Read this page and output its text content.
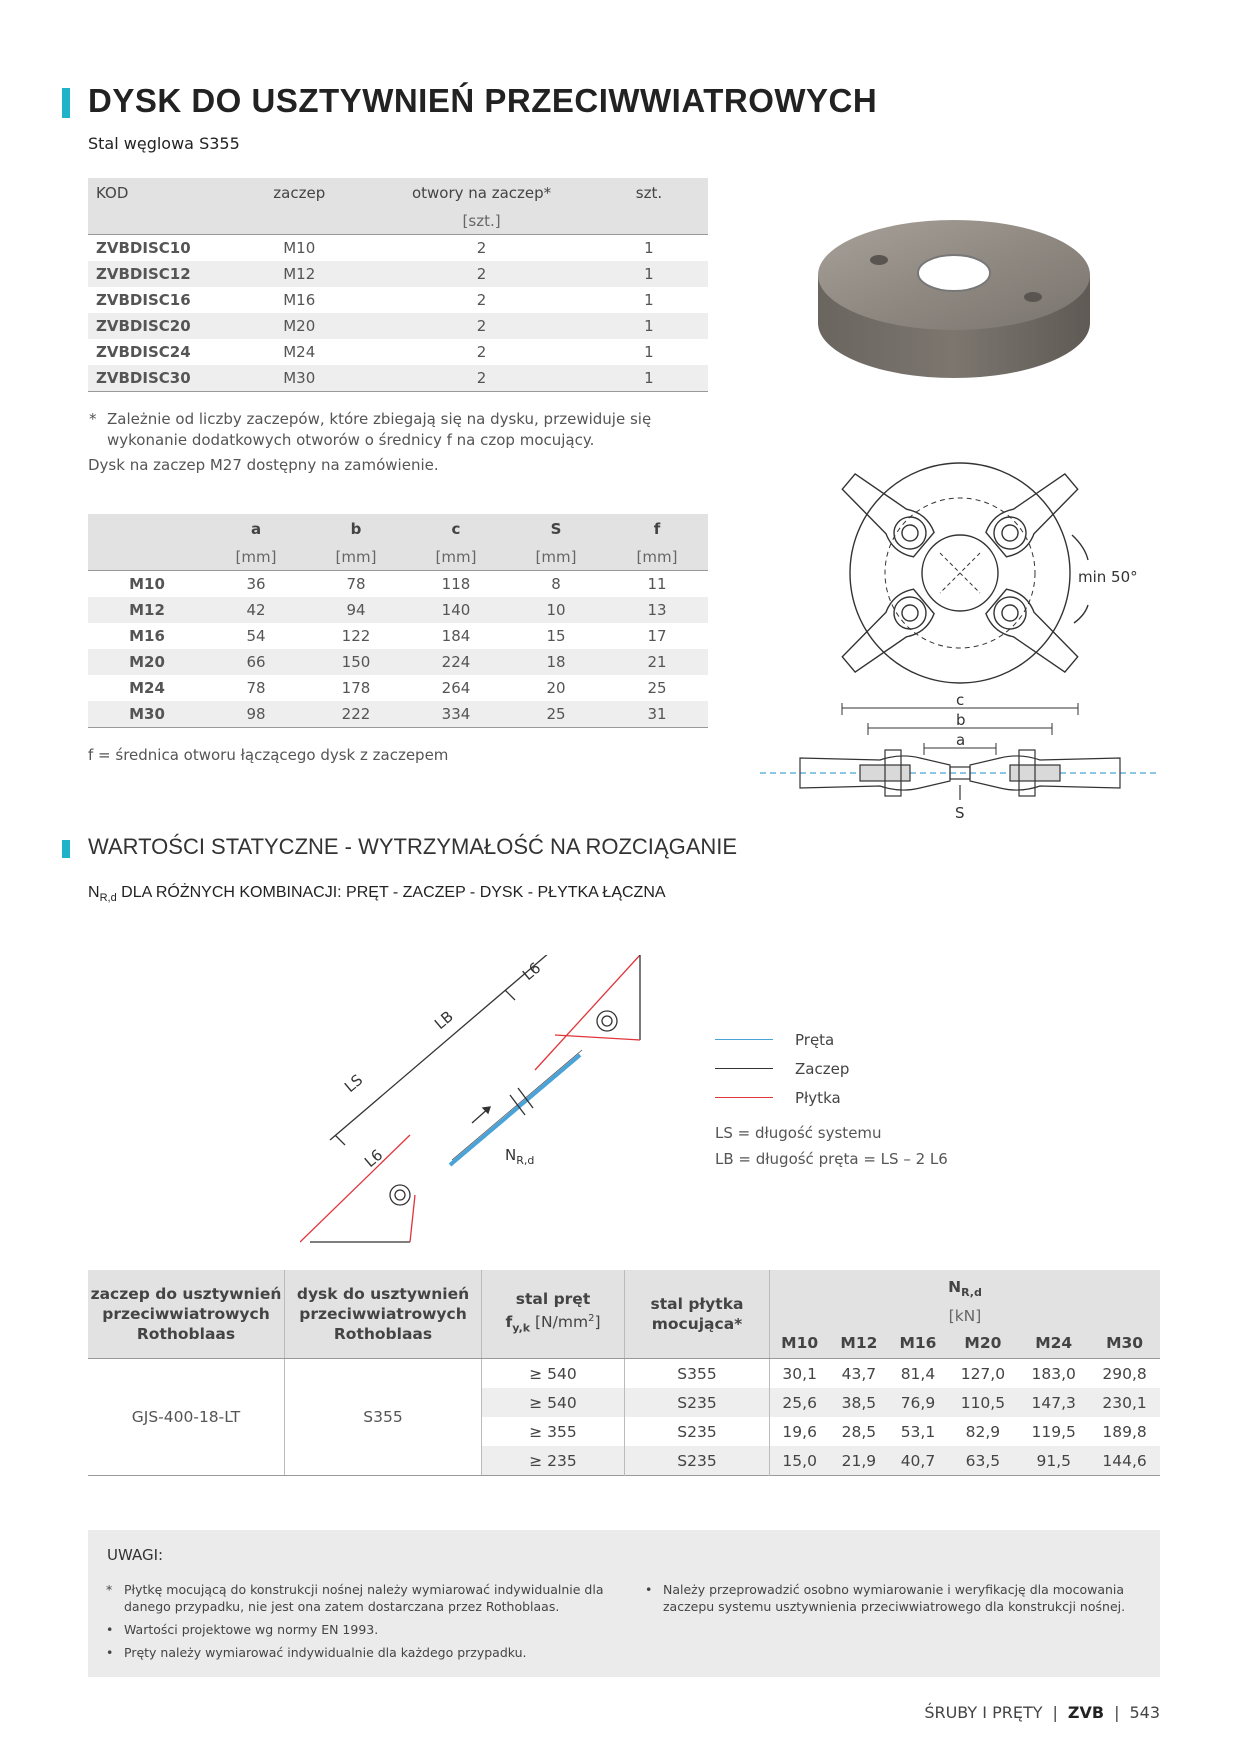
DYSK DO USZTYWNIEŃ PRZECIWWIATROWYCH
Stal węglowa S355
KOD	zaczep	otwory na zaczep*	szt.
		[szt.]	
ZVBDISC10	M10	2	1
ZVBDISC12	M12	2	1
ZVBDISC16	M16	2	1
ZVBDISC20	M20	2	1
ZVBDISC24	M24	2	1
ZVBDISC30	M30	2	1
* Zależnie od liczby zaczepów, które zbiegają się na dysku, przewiduje się wykonanie dodatkowych otworów o średnicy f na czop mocujący.
Dysk na zaczep M27 dostępny na zamówienie.
	a	b	c	S	f
	[mm]	[mm]	[mm]	[mm]	[mm]
M10	36	78	118	8	11
M12	42	94	140	10	13
M16	54	122	184	15	17
M20	66	150	224	18	21
M24	78	178	264	20	25
M30	98	222	334	25	31
f = średnica otworu łączącego dysk z zaczepem
min 50°
c
b
a
S
WARTOŚCI STATYCZNE - WYTRZYMAŁOŚĆ NA ROZCIĄGANIE
$N_{R,d}$ DLA RÓŻNYCH KOMBINACJI: PRĘT - ZACZEP - DYSK - PŁYTKA ŁĄCZNA
LS
LB
L6
L6	$N_{R,d}$
Pręta
Zaczep
Płytka
LS = długość systemu
LB = długość pręta = LS – 2 L6
zaczep do usztywnień przeciwwiatrowych Rothoblaas	dysk do usztywnień przeciwwiatrowych Rothoblaas	stal pręt
$f_{y,k}$ $[N/mm^2]$	stal płytka mocująca*	$N_{R,d}$
				[kN]					
				M10	M12	M16	M20	M24	M30
GJS-400-18-LT	S355	≥ 540	S355	30,1	43,7	81,4	127,0	183,0	290,8
		≥ 540	S235	25,6	38,5	76,9	110,5	147,3	230,1
		≥ 355	S235	19,6	28,5	53,1	82,9	119,5	189,8
		≥ 235	S235	15,0	21,9	40,7	63,5	91,5	144,6
UWAGI:
* Płytkę mocującą do konstrukcji nośnej należy wymiarować indywidualnie dla danego przypadku, nie jest ona zatem dostarczana przez Rothoblaas.
• Wartości projektowe wg normy EN 1993.
• Pręty należy wymiarować indywidualnie dla każdego przypadku.
• Należy przeprowadzić osobno wymiarowanie i weryfikację dla mocowania zaczepu systemu usztywnienia przeciwwiatrowego dla konstrukcji nośnej.
ŚRUBY I PRĘTY | ZVB | 543
